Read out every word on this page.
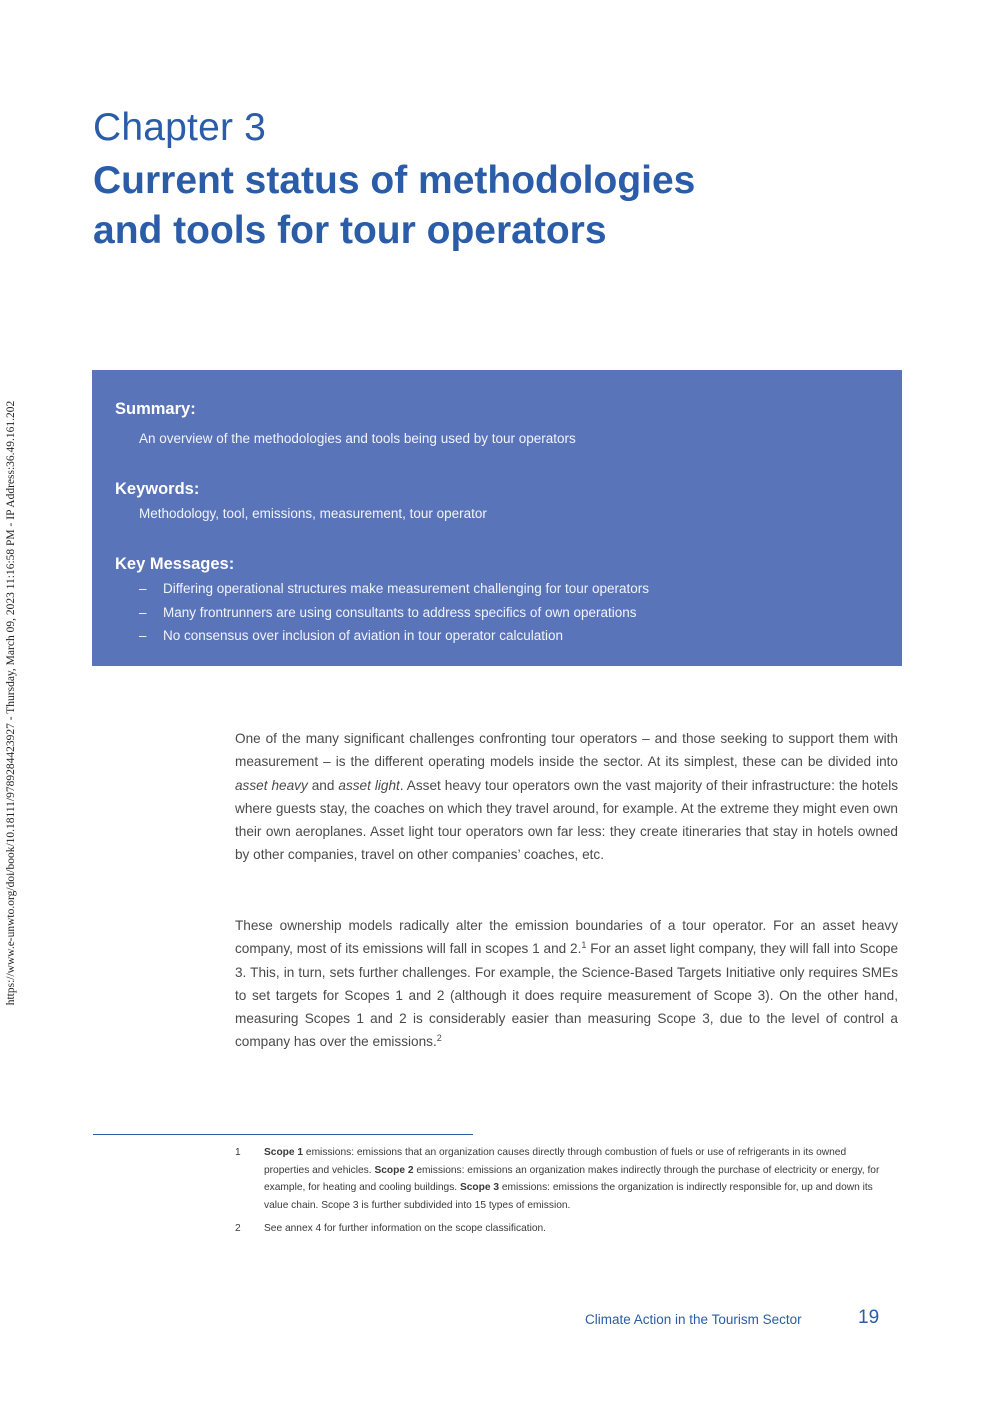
https://www.e-unwto.org/doi/book/10.18111/9789284423927 - Thursday, March 09, 2023 11:16:58 PM - IP Address:36.49.161.202
Chapter 3
Current status of methodologies
and tools for tour operators
Summary:
An overview of the methodologies and tools being used by tour operators
Keywords:
Methodology, tool, emissions, measurement, tour operator
Key Messages:
– Differing operational structures make measurement challenging for tour operators
– Many frontrunners are using consultants to address specifics of own operations
– No consensus over inclusion of aviation in tour operator calculation

One of the many significant challenges confronting tour operators – and those seeking to support them with measurement – is the different operating models inside the sector. At its simplest, these can be divided into asset heavy and asset light. Asset heavy tour operators own the vast majority of their infrastructure: the hotels where guests stay, the coaches on which they travel around, for example. At the extreme they might even own their own aeroplanes. Asset light tour operators own far less: they create itineraries that stay in hotels owned by other companies, travel on other companies’ coaches, etc.

These ownership models radically alter the emission boundaries of a tour operator. For an asset heavy company, most of its emissions will fall in scopes 1 and 2.$^1$ For an asset light company, they will fall into Scope 3. This, in turn, sets further challenges. For example, the Science-Based Targets Initiative only requires SMEs to set targets for Scopes 1 and 2 (although it does require measurement of Scope 3). On the other hand, measuring Scopes 1 and 2 is considerably easier than measuring Scope 3, due to the level of control a company has over the emissions.$^2$

1 Scope 1 emissions: emissions that an organization causes directly through combustion of fuels or use of refrigerants in its owned properties and vehicles. Scope 2 emissions: emissions an organization makes indirectly through the purchase of electricity or energy, for example, for heating and cooling buildings. Scope 3 emissions: emissions the organization is indirectly responsible for, up and down its value chain. Scope 3 is further subdivided into 15 types of emission.
2 See annex 4 for further information on the scope classification.
Climate Action in the Tourism Sector	19
